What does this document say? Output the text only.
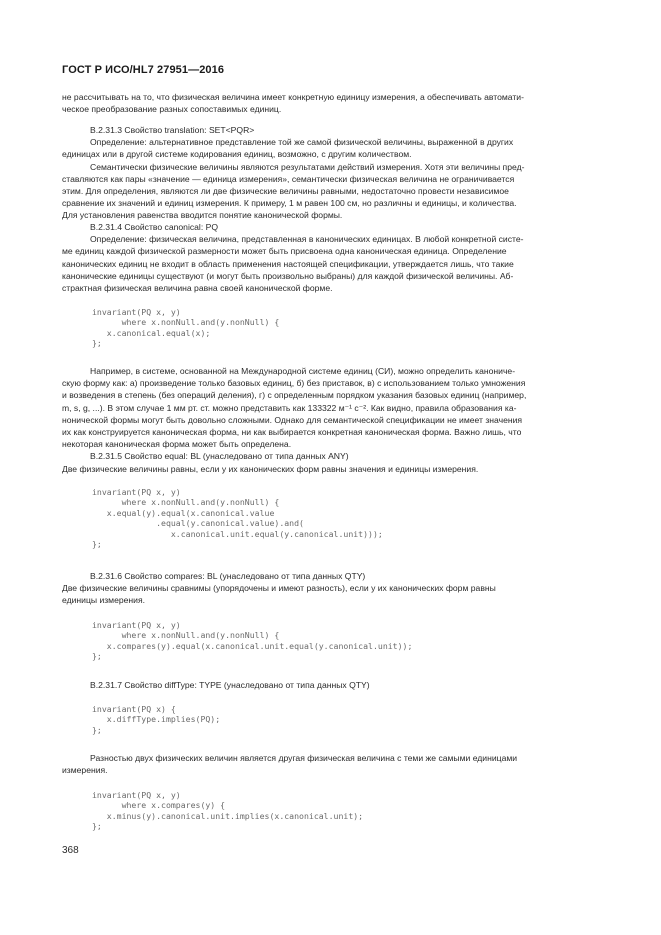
ГОСТ Р ИСО/HL7 27951—2016

не рассчитывать на то, что физическая величина имеет конкретную единицу измерения, а обеспечивать автомати-

ческое преобразование разных сопоставимых единиц.

B.2.31.3 Свойство translation: SET<PQR>

Определение: альтернативное представление той же самой физической величины, выраженной в других

единицах или в другой системе кодирования единиц, возможно, с другим количеством.

Семантически физические величины являются результатами действий измерения. Хотя эти величины пред-

ставляются как пары «значение — единица измерения», семантически физическая величина не ограничивается

этим. Для определения, являются ли две физические величины равными, недостаточно провести независимое

сравнение их значений и единиц измерения. К примеру, 1 м равен 100 см, но различны и единицы, и количества.

Для установления равенства вводится понятие канонической формы.

B.2.31.4 Свойство canonical: PQ

Определение: физическая величина, представленная в канонических единицах. В любой конкретной систе-

ме единиц каждой физической размерности может быть присвоена одна каноническая единица. Определение

канонических единиц не входит в область применения настоящей спецификации, утверждается лишь, что такие

канонические единицы существуют (и могут быть произвольно выбраны) для каждой физической величины. Аб-

страктная физическая величина равна своей канонической форме.

invariant(PQ x, y)
where x.nonNull.and(y.nonNull) {
x.canonical.equal(x);
};

Например, в системе, основанной на Международной системе единиц (СИ), можно определить канониче-

скую форму как: а) произведение только базовых единиц, б) без приставок, в) с использованием только умножения

и возведения в степень (без операций деления), г) с определенным порядком указания базовых единиц (например,

m, s, g, ...). В этом случае 1 мм рт. ст. можно представить как 133322 м⁻¹ с⁻². Как видно, правила образования ка-

нонической формы могут быть довольно сложными. Однако для семантической спецификации не имеет значения

их как конструируется каноническая форма, ни как выбирается конкретная каноническая форма. Важно лишь, что

некоторая каноническая форма может быть определена.

B.2.31.5 Свойство equal: BL (унаследовано от типа данных ANY)

Две физические величины равны, если у их канонических форм равны значения и единицы измерения.

invariant(PQ x, y)
where x.nonNull.and(y.nonNull) {
x.equal(y).equal(x.canonical.value
.equal(y.canonical.value).and(
x.canonical.unit.equal(y.canonical.unit)));
};

B.2.31.6 Свойство compares: BL (унаследовано от типа данных QTY)

Две физические величины сравнимы (упорядочены и имеют разность), если у их канонических форм равны

единицы измерения.

invariant(PQ x, y)
where x.nonNull.and(y.nonNull) {
x.compares(y).equal(x.canonical.unit.equal(y.canonical.unit));
};

B.2.31.7 Свойство diffType: TYPE (унаследовано от типа данных QTY)

invariant(PQ x) {
x.diffType.implies(PQ);
};

Разностью двух физических величин является другая физическая величина с теми же самыми единицами

измерения.

invariant(PQ x, y)
where x.compares(y) {
x.minus(y).canonical.unit.implies(x.canonical.unit);
};
368
